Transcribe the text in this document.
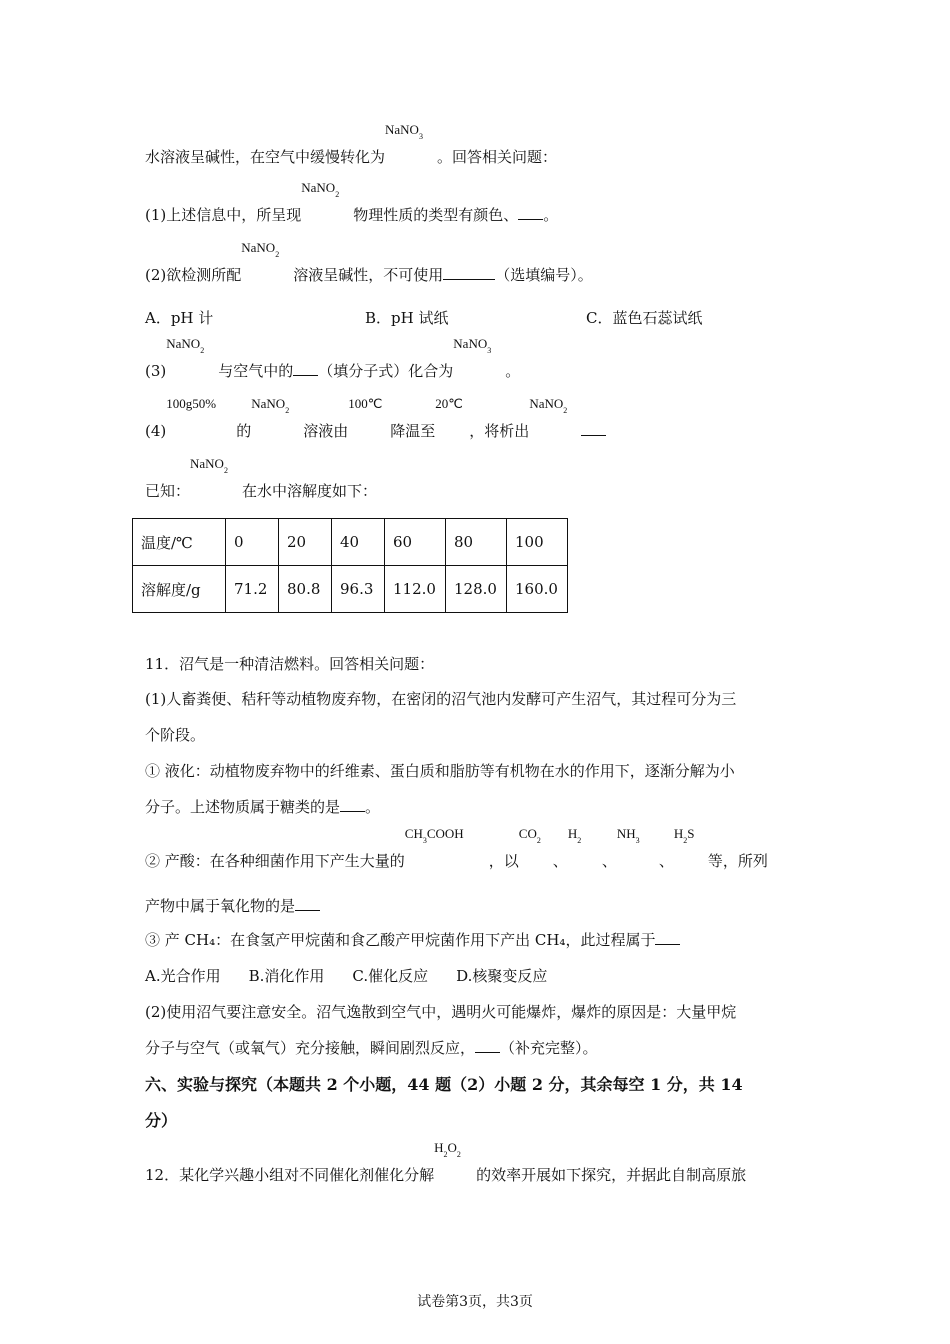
水溶液呈碱性，在空气中缓慢转化为
NaNO$_3$
。回答相关问题：
(1)上述信息中，所呈现
NaNO$_2$
物理性质的类型有颜色、 。
(2)欲检测所配
NaNO$_2$
溶液呈碱性，不可使用	（选填编号）。
A．pH 计	B．pH 试纸	C．蓝色石蕊试纸
(3)
NaNO$_2$
与空气中的 （填分子式）化合为
NaNO$_3$
。
(4)
100g50%
的
NaNO$_2$
溶液由
100℃
降温至
20℃
，将析出
NaNO$_2$
已知：
NaNO$_2$
在水中溶解度如下：
温度/℃	0	20	40	60	80	100
溶解度/g	71.2	80.8	96.3	112.0	128.0	160.0
11．沼气是一种清洁燃料。回答相关问题：
(1)人畜粪便、秸秆等动植物废弃物，在密闭的沼气池内发酵可产生沼气，其过程可分为三
个阶段。
① 液化：动植物废弃物中的纤维素、蛋白质和脂肪等有机物在水的作用下，逐渐分解为小
分子。上述物质属于糖类的是 。
② 产酸：在各种细菌作用下产生大量的
$CH_3COOH$
，以
$CO_2$
、
$H_2$
、
$NH_3$
、
$H_2S$
等，所列
产物中属于氧化物的是
③ 产 CH₄：在食氢产甲烷菌和食乙酸产甲烷菌作用下产出 CH₄，此过程属于
A.光合作用 B.消化作用 C.催化反应 D.核聚变反应
(2)使用沼气要注意安全。沼气逸散到空气中，遇明火可能爆炸，爆炸的原因是：大量甲烷
分子与空气（或氧气）充分接触，瞬间剧烈反应， （补充完整）。
六、实验与探究（本题共 2 个小题，44 题（2）小题 2 分，其余每空 1 分，共 14
分）
12．某化学兴趣小组对不同催化剂催化分解
$H_2O_2$
的效率开展如下探究，并据此自制高原旅
试卷第3页，共3页
